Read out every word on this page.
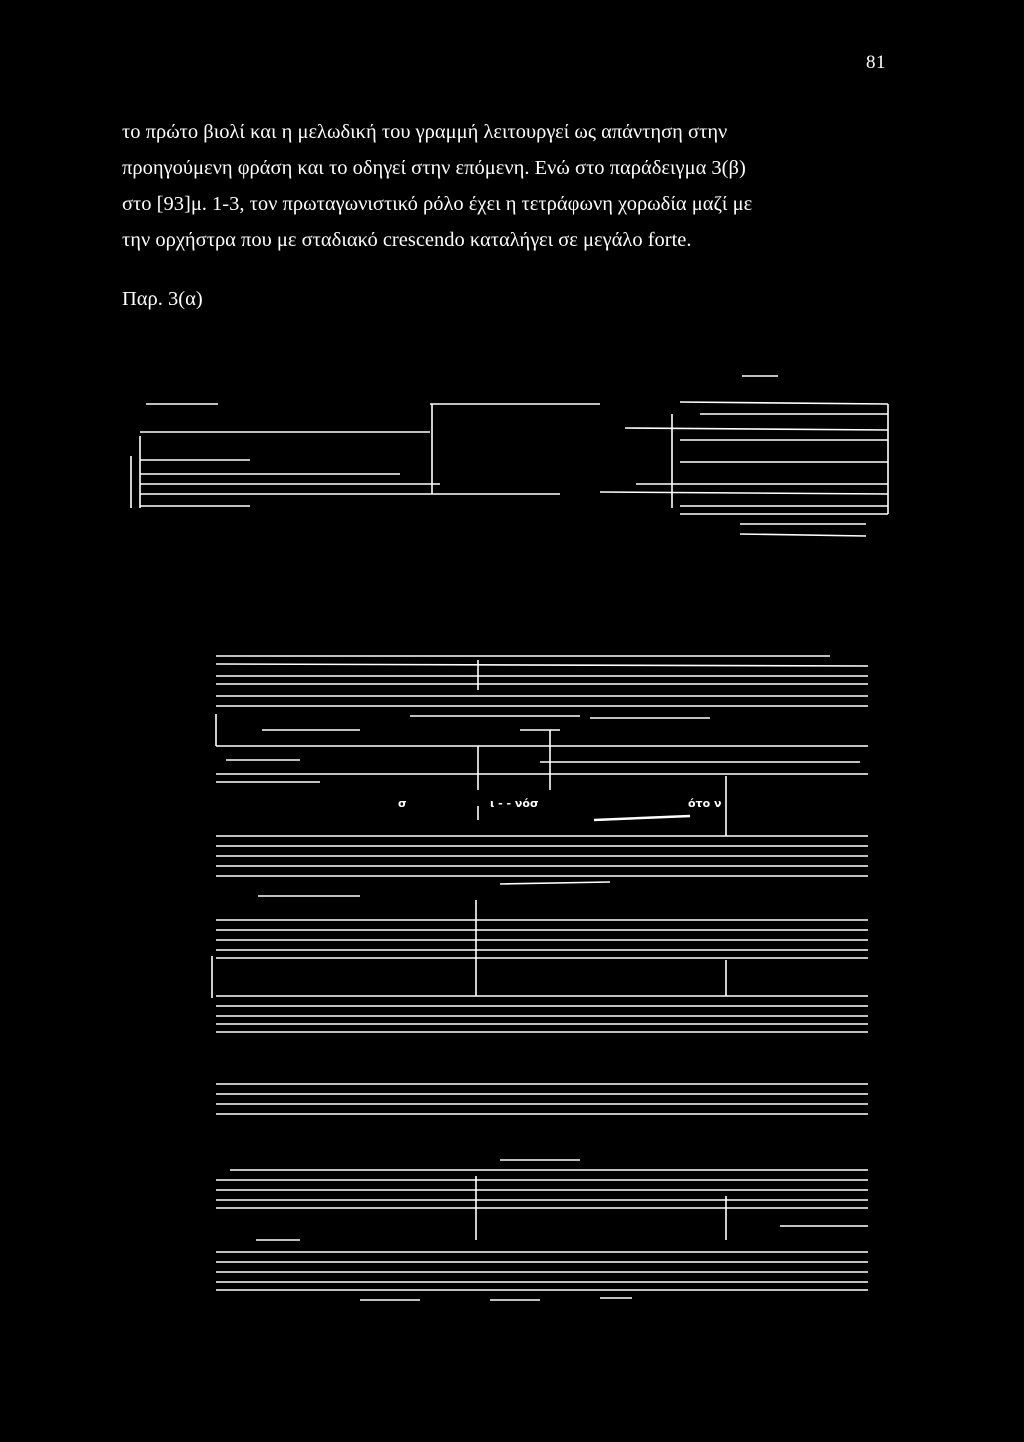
81
το πρώτο βιολί και η μελωδική του γραμμή λειτουργεί ως απάντηση στην
προηγούμενη φράση και το οδηγεί στην επόμενη. Ενώ στο παράδειγμα 3(β)
στο [93]μ. 1-3, τον πρωταγωνιστικό ρόλο έχει η τετράφωνη χορωδία μαζί με
την ορχήστρα που με σταδιακό crescendo καταλήγει σε μεγάλο forte.
Παρ. 3(α)
σ	ι - - νόσ	ότο ν
